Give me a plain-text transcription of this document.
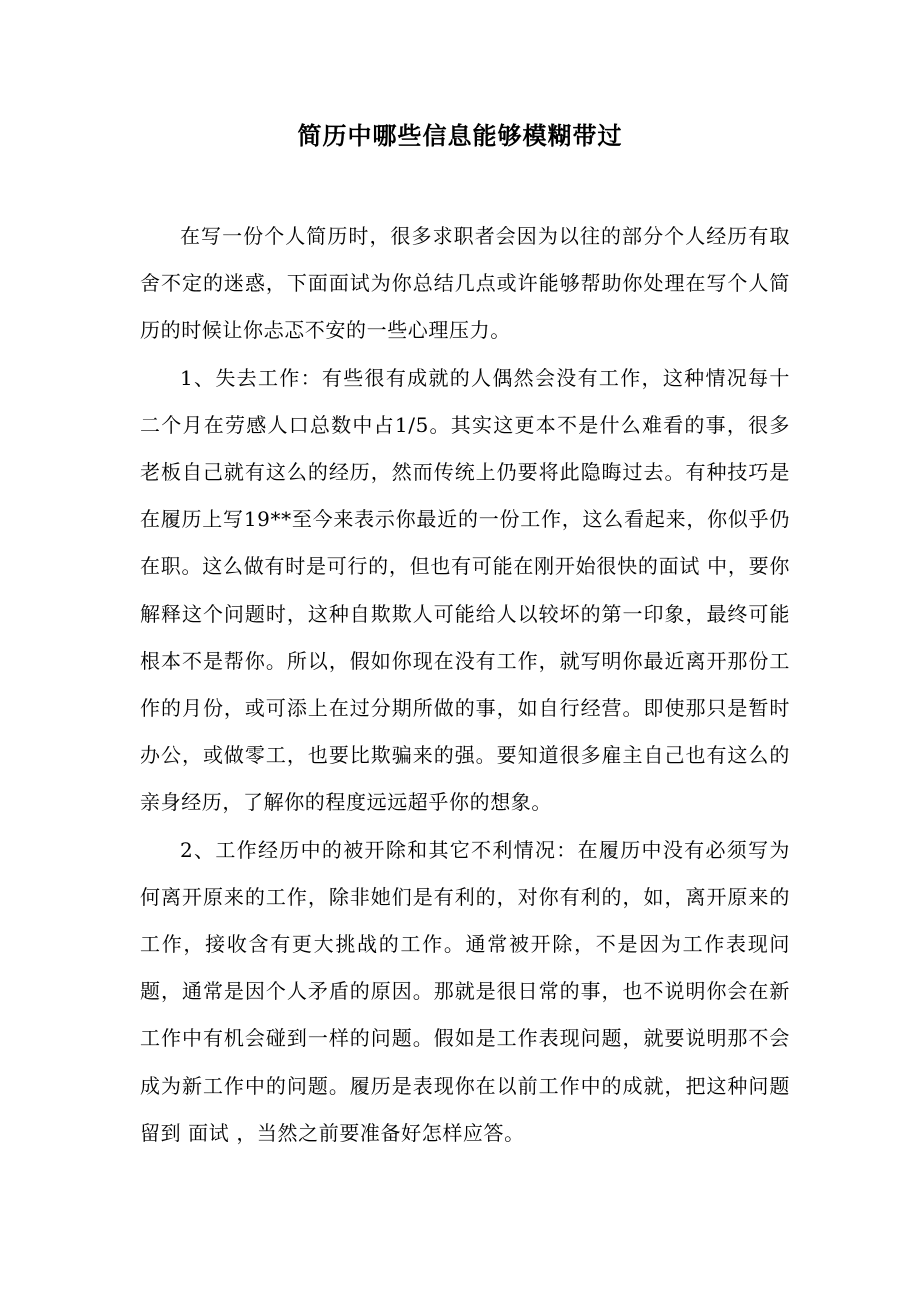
简历中哪些信息能够模糊带过

在写一份个人简历时，很多求职者会因为以往的部分个人经历有取舍不定的迷惑，下面面试为你总结几点或许能够帮助你处理在写个人简历的时候让你忐忑不安的一些心理压力。

1、失去工作：有些很有成就的人偶然会没有工作，这种情况每十二个月在劳感人口总数中占1/5。其实这更本不是什么难看的事，很多老板自己就有这么的经历，然而传统上仍要将此隐晦过去。有种技巧是在履历上写19**至今来表示你最近的一份工作，这么看起来，你似乎仍在职。这么做有时是可行的，但也有可能在刚开始很快的面试 中，要你解释这个问题时，这种自欺欺人可能给人以较坏的第一印象，最终可能根本不是帮你。所以，假如你现在没有工作，就写明你最近离开那份工作的月份，或可添上在过分期所做的事，如自行经营。即使那只是暂时办公，或做零工，也要比欺骗来的强。要知道很多雇主自己也有这么的亲身经历，了解你的程度远远超乎你的想象。

2、工作经历中的被开除和其它不利情况：在履历中没有必须写为何离开原来的工作，除非她们是有利的，对你有利的，如，离开原来的工作，接收含有更大挑战的工作。通常被开除，不是因为工作表现问题，通常是因个人矛盾的原因。那就是很日常的事，也不说明你会在新工作中有机会碰到一样的问题。假如是工作表现问题，就要说明那不会成为新工作中的问题。履历是表现你在以前工作中的成就，把这种问题留到 面试 ，当然之前要准备好怎样应答。
